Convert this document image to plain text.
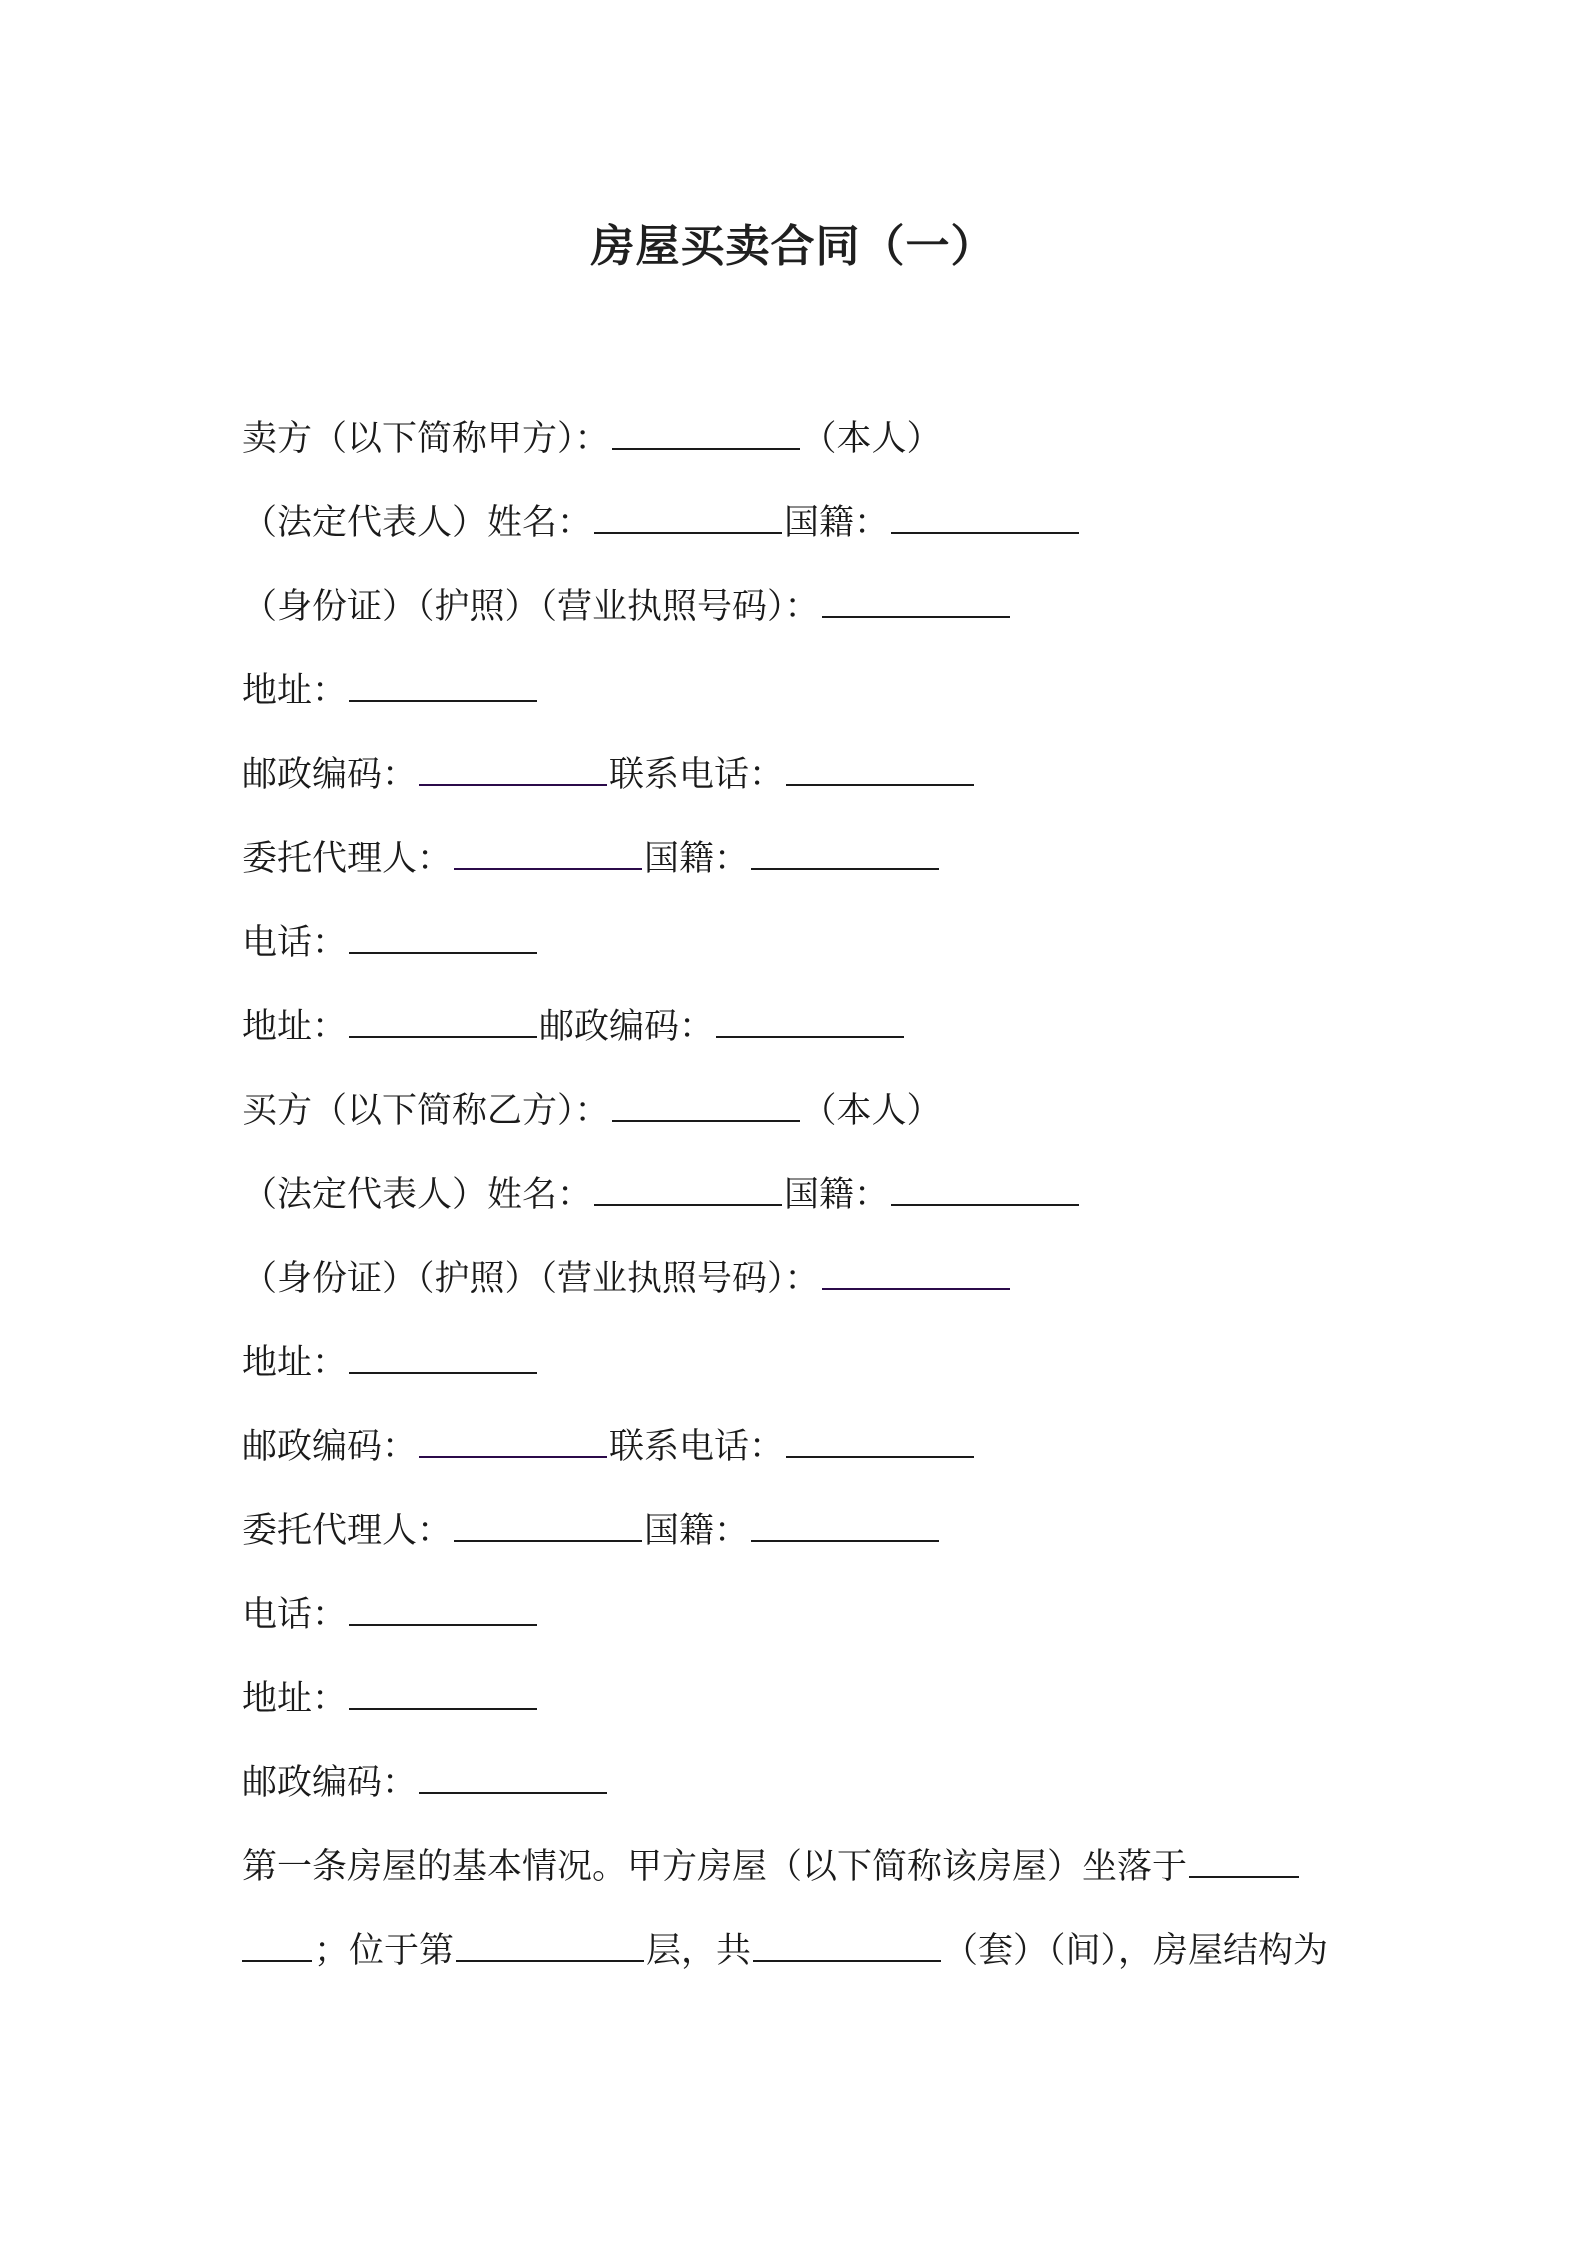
房屋买卖合同（一）
卖方（以下简称甲方）：	（本人）
（法定代表人）姓名：	国籍：
（身份证）（护照）（营业执照号码）：
地址：
邮政编码：	联系电话：
委托代理人：	国籍：
电话：
地址：	邮政编码：
买方（以下简称乙方）：	（本人）
（法定代表人）姓名：	国籍：
（身份证）（护照）（营业执照号码）：
地址：
邮政编码：	联系电话：
委托代理人：	国籍：
电话：
地址：
邮政编码：
第一条房屋的基本情况。甲方房屋（以下简称该房屋）坐落于
；位于第	层，共	（套）（间），房屋结构为
